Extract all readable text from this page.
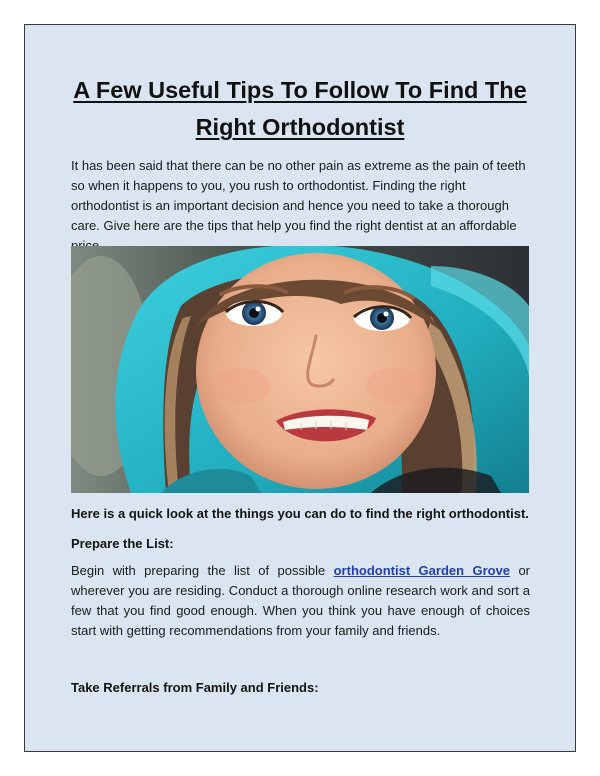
A Few Useful Tips To Follow To Find The
Right Orthodontist

It has been said that there can be no other pain as extreme as the pain of teeth so when it happens to you, you rush to orthodontist. Finding the right orthodontist is an important decision and hence you need to take a thorough care. Give here are the tips that help you find the right dentist at an affordable

Here is a quick look at the things you can do to find the right orthodontist.

Prepare the List:

Begin with preparing the list of possible orthodontist Garden Grove or wherever you are residing. Conduct a thorough online research work and sort a few that you find good enough. When you think you have enough of choices start with getting recommendations from your family and friends.

Take Referrals from Family and Friends:
